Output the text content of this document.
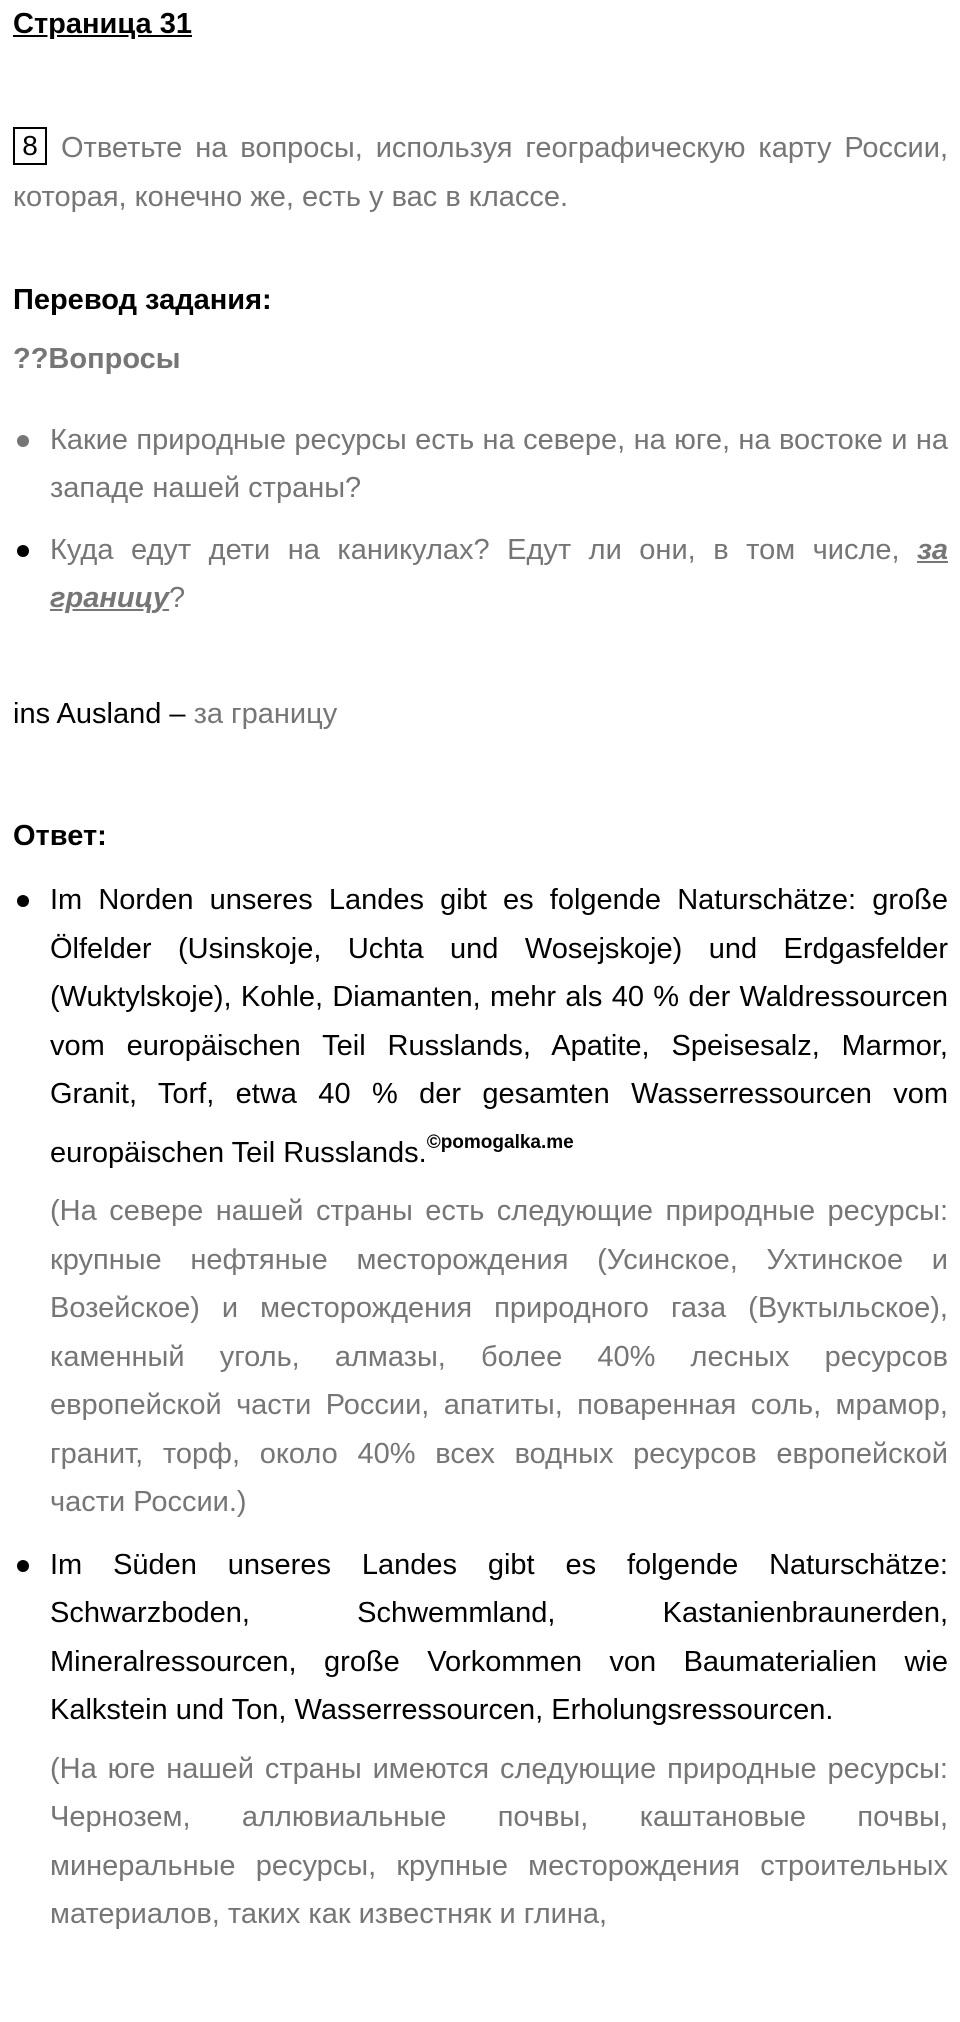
Страница 31
8 Ответьте на вопросы, используя географическую карту России, которая, конечно же, есть у вас в классе.
Перевод задания:
??Вопросы
Какие природные ресурсы есть на севере, на юге, на востоке и на западе нашей страны?
Куда едут дети на каникулах? Едут ли они, в том числе, за границу?
ins Ausland – за границу
Ответ:
Im Norden unseres Landes gibt es folgende Naturschätze: große Ölfelder (Usinskoje, Uchta und Wosejskoje) und Erdgasfelder (Wuktylskoje), Kohle, Diamanten, mehr als 40 % der Waldressourcen vom europäischen Teil Russlands, Apatite, Speisesalz, Marmor, Granit, Torf, etwa 40 % der gesamten Wasserressourcen vom europäischen Teil Russlands.$^{©pomogalka.me}$
(На севере нашей страны есть следующие природные ресурсы: крупные нефтяные месторождения (Усинское, Ухтинское и Возейское) и месторождения природного газа (Вуктыльское), каменный уголь, алмазы, более 40% лесных ресурсов европейской части России, апатиты, поваренная соль, мрамор, гранит, торф, около 40% всех водных ресурсов европейской части России.)
Im Süden unseres Landes gibt es folgende Naturschätze: Schwarzboden, Schwemmland, Kastanienbraunerden, Mineralressourcen, große Vorkommen von Baumaterialien wie Kalkstein und Ton, Wasserressourcen, Erholungsressourcen.
(На юге нашей страны имеются следующие природные ресурсы: Чернозем, аллювиальные почвы, каштановые почвы, минеральные ресурсы, крупные месторождения строительных материалов, таких как известняк и глина,
